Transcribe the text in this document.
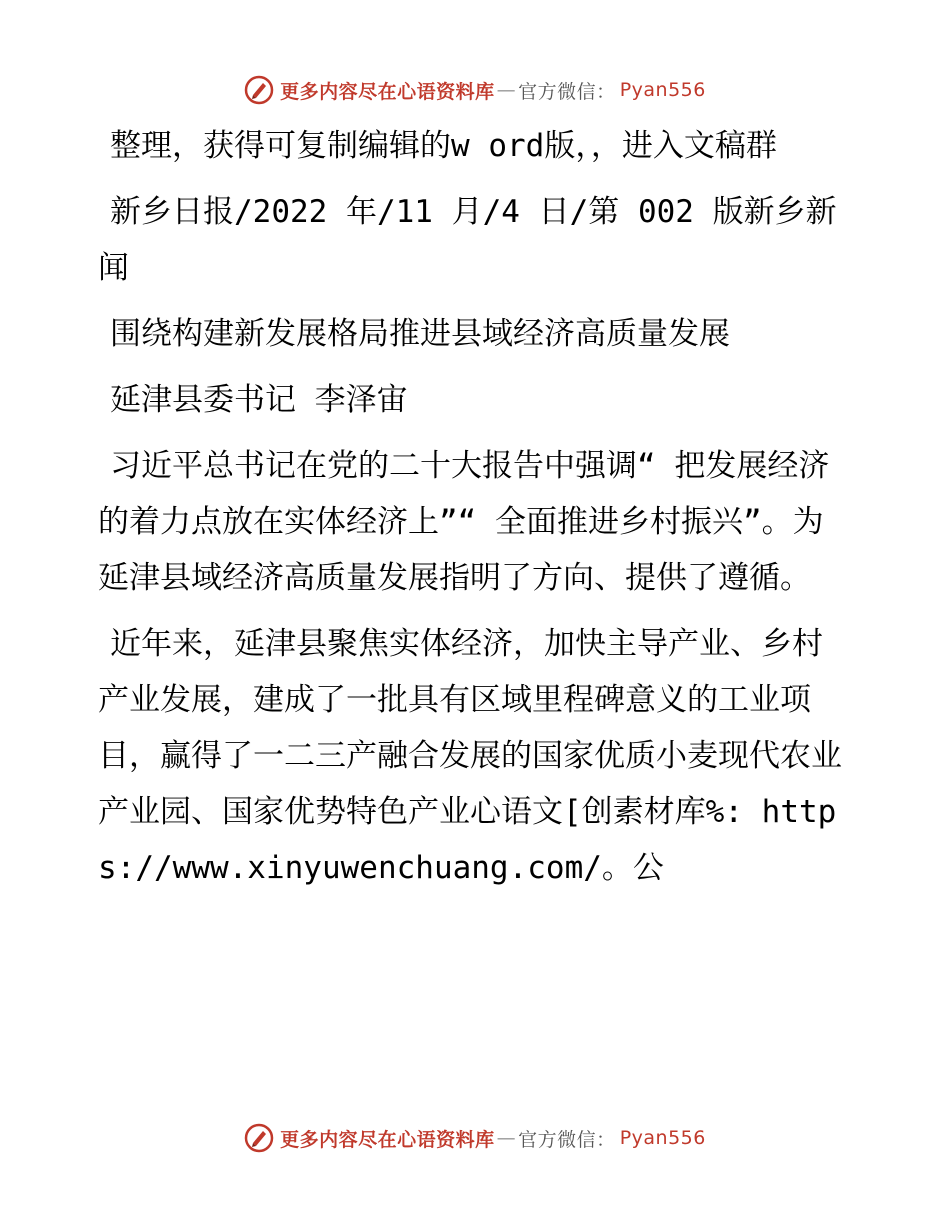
更多内容尽在心语资料库 — 官方微信： Pyan556

整理，获得可复制编辑的w ord版，，进入文稿群

新乡日报/2022 年/11 月/4 日/第 002 版新乡新闻

围绕构建新发展格局推进县域经济高质量发展

延津县委书记 李泽宙

习近平总书记在党的二十大报告中强调“ 把发展经济的着力点放在实体经济上”“ 全面推进乡村振兴”。为延津县域经济高质量发展指明了方向、提供了遵循。

近年来，延津县聚焦实体经济，加快主导产业、乡村产业发展，建成了一批具有区域里程碑意义的工业项目，赢得了一二三产融合发展的国家优质小麦现代农业产业园、国家优势特色产业心语文[创素材库%: https://www.xinyuwenchuang.com/。公

更多内容尽在心语资料库 — 官方微信： Pyan556
